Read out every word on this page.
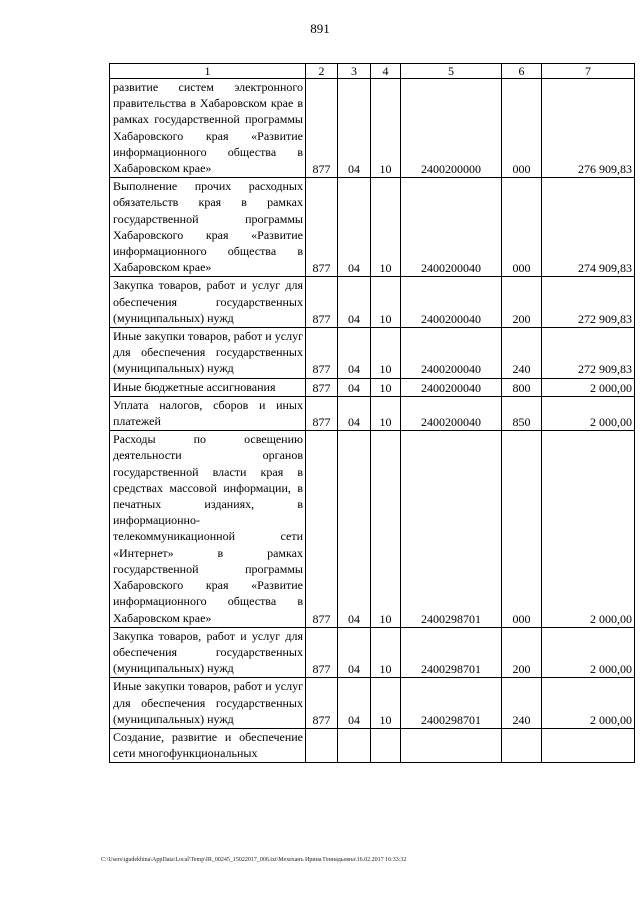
891
1	2	3	4	5	6	7
развитие систем электронного правительства в Хабаровском крае в рамках государственной программы Хабаровского края «Развитие информационного общества в Хабаровском крае»	877	04	10	2400200000	000	276 909,83
Выполнение прочих расходных обязательств края в рамках государственной программы Хабаровского края «Развитие информационного общества в Хабаровском крае»	877	04	10	2400200040	000	274 909,83
Закупка товаров, работ и услуг для обеспечения государственных (муниципальных) нужд	877	04	10	2400200040	200	272 909,83
Иные закупки товаров, работ и услуг для обеспечения государственных (муниципальных) нужд	877	04	10	2400200040	240	272 909,83
Иные бюджетные ассигнования	877	04	10	2400200040	800	2 000,00
Уплата налогов, сборов и иных платежей	877	04	10	2400200040	850	2 000,00
Расходы по освещению деятельности органов государственной власти края в средствах массовой информации, в печатных изданиях, в информационно-телекоммуникационной сети «Интернет» в рамках государственной программы Хабаровского края «Развитие информационного общества в Хабаровском крае»	877	04	10	2400298701	000	2 000,00
Закупка товаров, работ и услуг для обеспечения государственных (муниципальных) нужд	877	04	10	2400298701	200	2 000,00
Иные закупки товаров, работ и услуг для обеспечения государственных (муниципальных) нужд	877	04	10	2400298701	240	2 000,00
Создание, развитие и обеспечение сети многофункциональных						
C:\Users\igudekhina\AppData\Local\Temp\IR_00245_15022017_006.txt\Мехеханъ Ирина Геннадьевна\16.02.2017 16:33:32
